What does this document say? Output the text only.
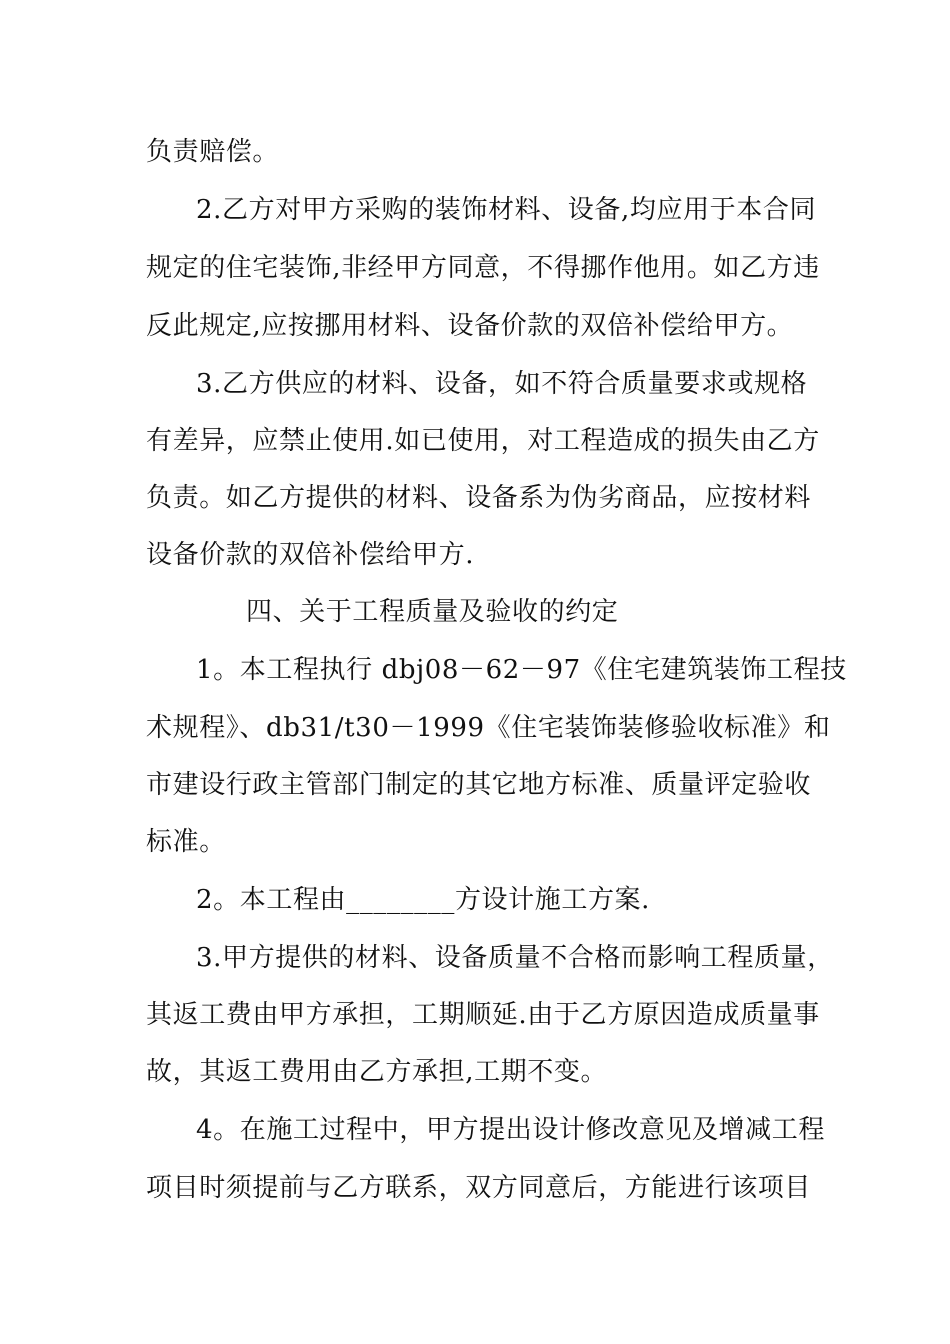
负责赔偿。
2.乙方对甲方采购的装饰材料、设备,均应用于本合同
规定的住宅装饰,非经甲方同意，不得挪作他用。如乙方违
反此规定,应按挪用材料、设备价款的双倍补偿给甲方。
3.乙方供应的材料、设备，如不符合质量要求或规格
有差异，应禁止使用.如已使用，对工程造成的损失由乙方
负责。如乙方提供的材料、设备系为伪劣商品，应按材料
设备价款的双倍补偿给甲方.
四、关于工程质量及验收的约定
1。本工程执行 dbj08－62－97《住宅建筑装饰工程技
术规程》、db31/t30－1999《住宅装饰装修验收标准》和
市建设行政主管部门制定的其它地方标准、质量评定验收
标准。
2。本工程由________方设计施工方案.
3.甲方提供的材料、设备质量不合格而影响工程质量，
其返工费由甲方承担，工期顺延.由于乙方原因造成质量事
故，其返工费用由乙方承担,工期不变。
4。在施工过程中，甲方提出设计修改意见及增减工程
项目时须提前与乙方联系，双方同意后，方能进行该项目
